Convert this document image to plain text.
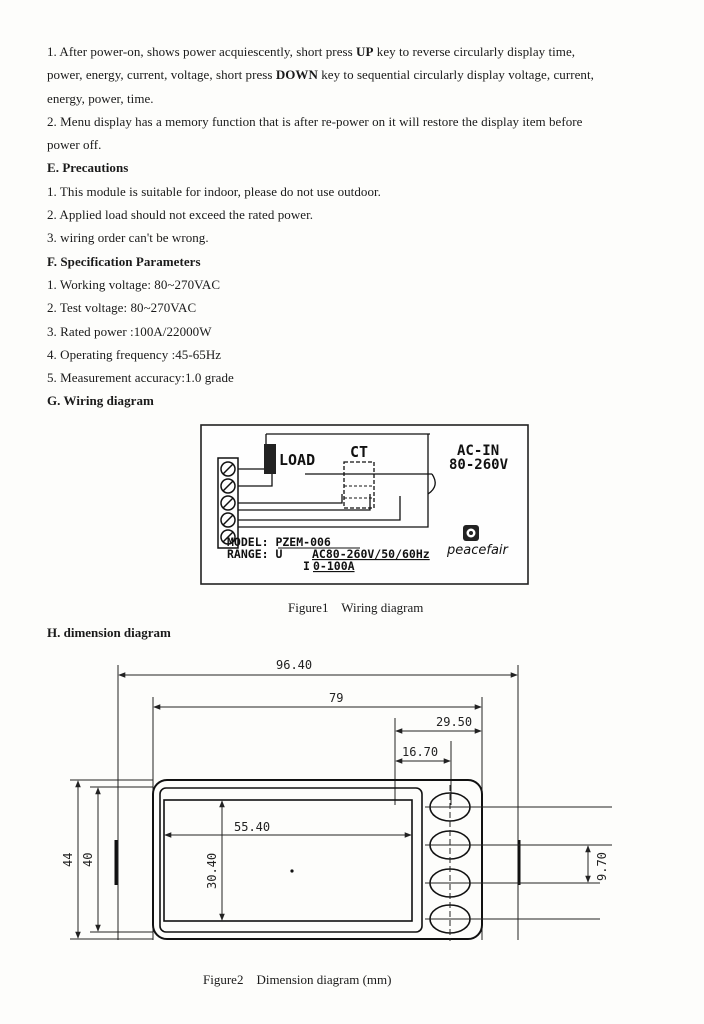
1. After power-on, shows power acquiescently, short press UP key to reverse circularly display time,
power, energy, current, voltage, short press DOWN key to sequential circularly display voltage, current,
energy, power, time.
2. Menu display has a memory function that is after re-power on it will restore the display item before
power off.
E. Precautions
1. This module is suitable for indoor, please do not use outdoor.
2. Applied load should not exceed the rated power.
3. wiring order can't be wrong.
F. Specification Parameters
1. Working voltage: 80~270VAC
2. Test voltage: 80~270VAC
3. Rated power :100A/22000W
4. Operating frequency :45-65Hz
5. Measurement accuracy:1.0 grade
G. Wiring diagram
LOAD CT	AC-IN
80-260V
MODEL: PZEM-006
RANGE: U	AC80-260V/50/60Hz
I 0-100A
peacefair
Figure1    Wiring diagram
H. dimension diagram
96.40
79
29.50
16.70
55.40
30.40
44 40	9.70
Figure2    Dimension diagram (mm)
